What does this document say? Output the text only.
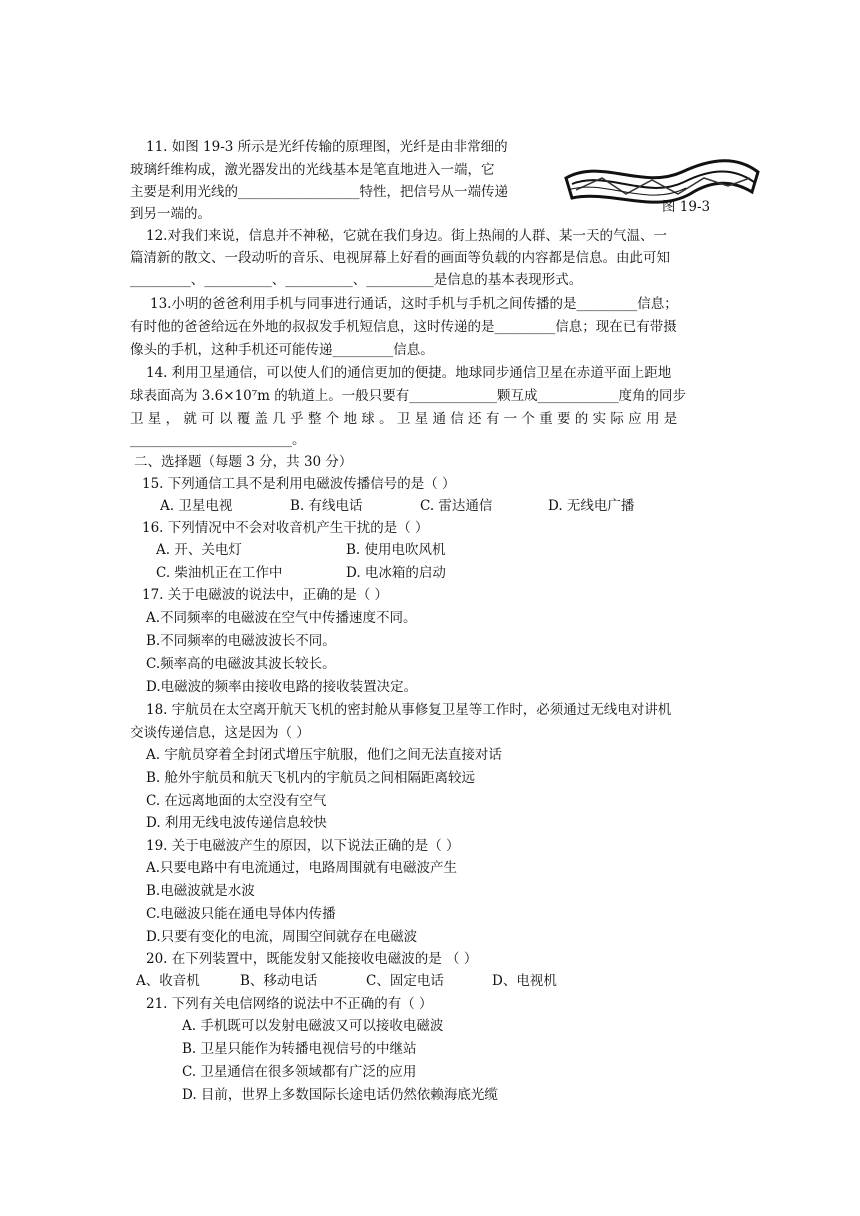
11. 如图 19-3 所示是光纤传输的原理图，光纤是由非常细的
玻璃纤维构成，激光器发出的光线基本是笔直地进入一端，它
主要是利用光线的__________________特性，把信号从一端传递
到另一端的。	图 19-3
12.对我们来说，信息并不神秘，它就在我们身边。街上热闹的人群、某一天的气温、一
篇清新的散文、一段动听的音乐、电视屏幕上好看的画面等负载的内容都是信息。由此可知
_________、__________、__________、__________是信息的基本表现形式。
13.小明的爸爸利用手机与同事进行通话，这时手机与手机之间传播的是_________信息；
有时他的爸爸给远在外地的叔叔发手机短信息，这时传递的是_________信息；现在已有带摄
像头的手机，这种手机还可能传递_________信息。
14. 利用卫星通信，可以使人们的通信更加的便捷。地球同步通信卫星在赤道平面上距地
球表面高为 3.6×10⁷m 的轨道上。一般只要有_____________颗互成____________度角的同步
卫 星 ， 就 可 以 覆 盖 几 乎 整 个 地 球 。 卫 星 通 信 还 有 一 个 重 要 的 实 际 应 用 是
________________________。
二、选择题（每题 3 分，共 30 分）
15. 下列通信工具不是利用电磁波传播信号的是（ ）
A. 卫星电视	B. 有线电话	C. 雷达通信	D. 无线电广播
16. 下列情况中不会对收音机产生干扰的是（ ）
A. 开、关电灯	B. 使用电吹风机
C. 柴油机正在工作中	D. 电冰箱的启动
17. 关于电磁波的说法中，正确的是（ ）
A.不同频率的电磁波在空气中传播速度不同。
B.不同频率的电磁波波长不同。
C.频率高的电磁波其波长较长。
D.电磁波的频率由接收电路的接收装置决定。
18. 宇航员在太空离开航天飞机的密封舱从事修复卫星等工作时，必须通过无线电对讲机
交谈传递信息，这是因为（ ）
A. 宇航员穿着全封闭式增压宇航服，他们之间无法直接对话
B. 舱外宇航员和航天飞机内的宇航员之间相隔距离较远
C. 在远离地面的太空没有空气
D. 利用无线电波传递信息较快
19. 关于电磁波产生的原因，以下说法正确的是（ ）
A.只要电路中有电流通过，电路周围就有电磁波产生
B.电磁波就是水波
C.电磁波只能在通电导体内传播
D.只要有变化的电流，周围空间就存在电磁波
20. 在下列装置中，既能发射又能接收电磁波的是 （ ）
A、收音机	B、移动电话	C、固定电话	D、电视机
21. 下列有关电信网络的说法中不正确的有（ ）
A. 手机既可以发射电磁波又可以接收电磁波
B. 卫星只能作为转播电视信号的中继站
C. 卫星通信在很多领域都有广泛的应用
D. 目前，世界上多数国际长途电话仍然依赖海底光缆
